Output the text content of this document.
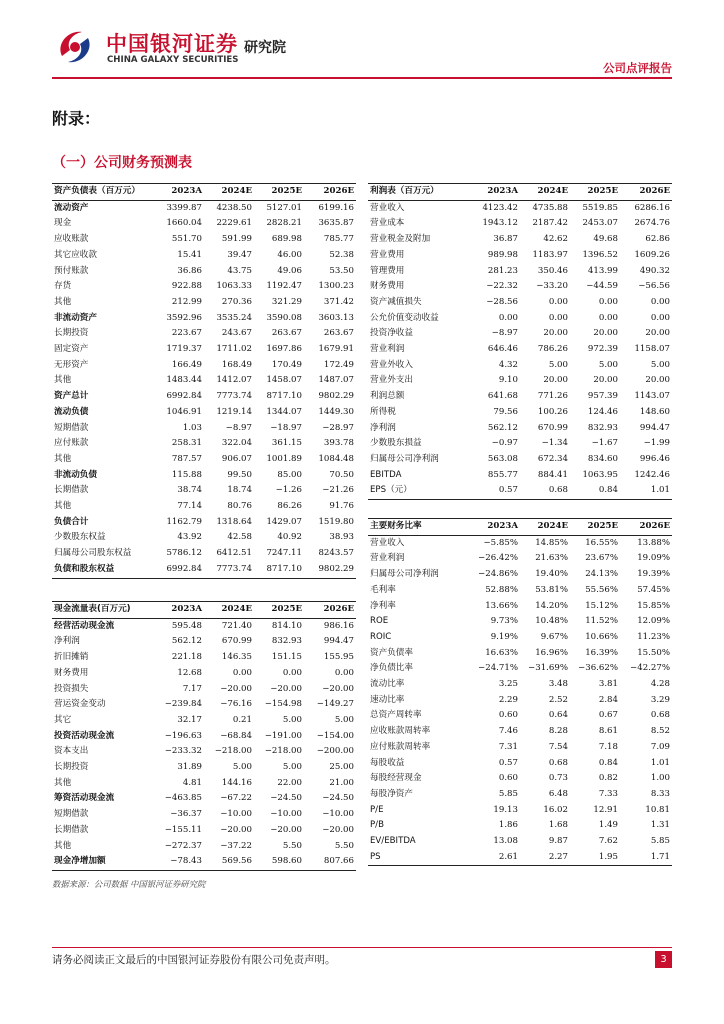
中国银河证券
CHINA GALAXY SECURITIES
研究院
公司点评报告
附录：
（一）公司财务预测表
资产负债表（百万元）	2023A	2024E	2025E	2026E
流动资产	3399.87	4238.50	5127.01	6199.16
现金	1660.04	2229.61	2828.21	3635.87
应收账款	551.70	591.99	689.98	785.77
其它应收款	15.41	39.47	46.00	52.38
预付账款	36.86	43.75	49.06	53.50
存货	922.88	1063.33	1192.47	1300.23
其他	212.99	270.36	321.29	371.42
非流动资产	3592.96	3535.24	3590.08	3603.13
长期投资	223.67	243.67	263.67	263.67
固定资产	1719.37	1711.02	1697.86	1679.91
无形资产	166.49	168.49	170.49	172.49
其他	1483.44	1412.07	1458.07	1487.07
资产总计	6992.84	7773.74	8717.10	9802.29
流动负债	1046.91	1219.14	1344.07	1449.30
短期借款	1.03	−8.97	−18.97	−28.97
应付账款	258.31	322.04	361.15	393.78
其他	787.57	906.07	1001.89	1084.48
非流动负债	115.88	99.50	85.00	70.50
长期借款	38.74	18.74	−1.26	−21.26
其他	77.14	80.76	86.26	91.76
负债合计	1162.79	1318.64	1429.07	1519.80
少数股东权益	43.92	42.58	40.92	38.93
归属母公司股东权益	5786.12	6412.51	7247.11	8243.57
负债和股东权益	6992.84	7773.74	8717.10	9802.29
利润表（百万元）	2023A	2024E	2025E	2026E
营业收入	4123.42	4735.88	5519.85	6286.16
营业成本	1943.12	2187.42	2453.07	2674.76
营业税金及附加	36.87	42.62	49.68	62.86
营业费用	989.98	1183.97	1396.52	1609.26
管理费用	281.23	350.46	413.99	490.32
财务费用	−22.32	−33.20	−44.59	−56.56
资产减值损失	−28.56	0.00	0.00	0.00
公允价值变动收益	0.00	0.00	0.00	0.00
投资净收益	−8.97	20.00	20.00	20.00
营业利润	646.46	786.26	972.39	1158.07
营业外收入	4.32	5.00	5.00	5.00
营业外支出	9.10	20.00	20.00	20.00
利润总额	641.68	771.26	957.39	1143.07
所得税	79.56	100.26	124.46	148.60
净利润	562.12	670.99	832.93	994.47
少数股东损益	−0.97	−1.34	−1.67	−1.99
归属母公司净利润	563.08	672.34	834.60	996.46
EBITDA	855.77	884.41	1063.95	1242.46
EPS（元）	0.57	0.68	0.84	1.01
主要财务比率	2023A	2024E	2025E	2026E
营业收入	−5.85%	14.85%	16.55%	13.88%
营业利润	−26.42%	21.63%	23.67%	19.09%
归属母公司净利润	−24.86%	19.40%	24.13%	19.39%
毛利率	52.88%	53.81%	55.56%	57.45%
净利率	13.66%	14.20%	15.12%	15.85%
ROE	9.73%	10.48%	11.52%	12.09%
ROIC	9.19%	9.67%	10.66%	11.23%
资产负债率	16.63%	16.96%	16.39%	15.50%
净负债比率	−24.71%	−31.69%	−36.62%	−42.27%
流动比率	3.25	3.48	3.81	4.28
速动比率	2.29	2.52	2.84	3.29
总资产周转率	0.60	0.64	0.67	0.68
应收账款周转率	7.46	8.28	8.61	8.52
应付账款周转率	7.31	7.54	7.18	7.09
每股收益	0.57	0.68	0.84	1.01
每股经营现金	0.60	0.73	0.82	1.00
每股净资产	5.85	6.48	7.33	8.33
P/E	19.13	16.02	12.91	10.81
P/B	1.86	1.68	1.49	1.31
EV/EBITDA	13.08	9.87	7.62	5.85
PS	2.61	2.27	1.95	1.71
现金流量表(百万元)	2023A	2024E	2025E	2026E
经营活动现金流	595.48	721.40	814.10	986.16
净利润	562.12	670.99	832.93	994.47
折旧摊销	221.18	146.35	151.15	155.95
财务费用	12.68	0.00	0.00	0.00
投资损失	7.17	−20.00	−20.00	−20.00
营运资金变动	−239.84	−76.16	−154.98	−149.27
其它	32.17	0.21	5.00	5.00
投资活动现金流	−196.63	−68.84	−191.00	−154.00
资本支出	−233.32	−218.00	−218.00	−200.00
长期投资	31.89	5.00	5.00	25.00
其他	4.81	144.16	22.00	21.00
筹资活动现金流	−463.85	−67.22	−24.50	−24.50
短期借款	−36.37	−10.00	−10.00	−10.00
长期借款	−155.11	−20.00	−20.00	−20.00
其他	−272.37	−37.22	5.50	5.50
现金净增加额	−78.43	569.56	598.60	807.66
数据来源：公司数据 中国银河证券研究院
请务必阅读正文最后的中国银河证券股份有限公司免责声明。	3
